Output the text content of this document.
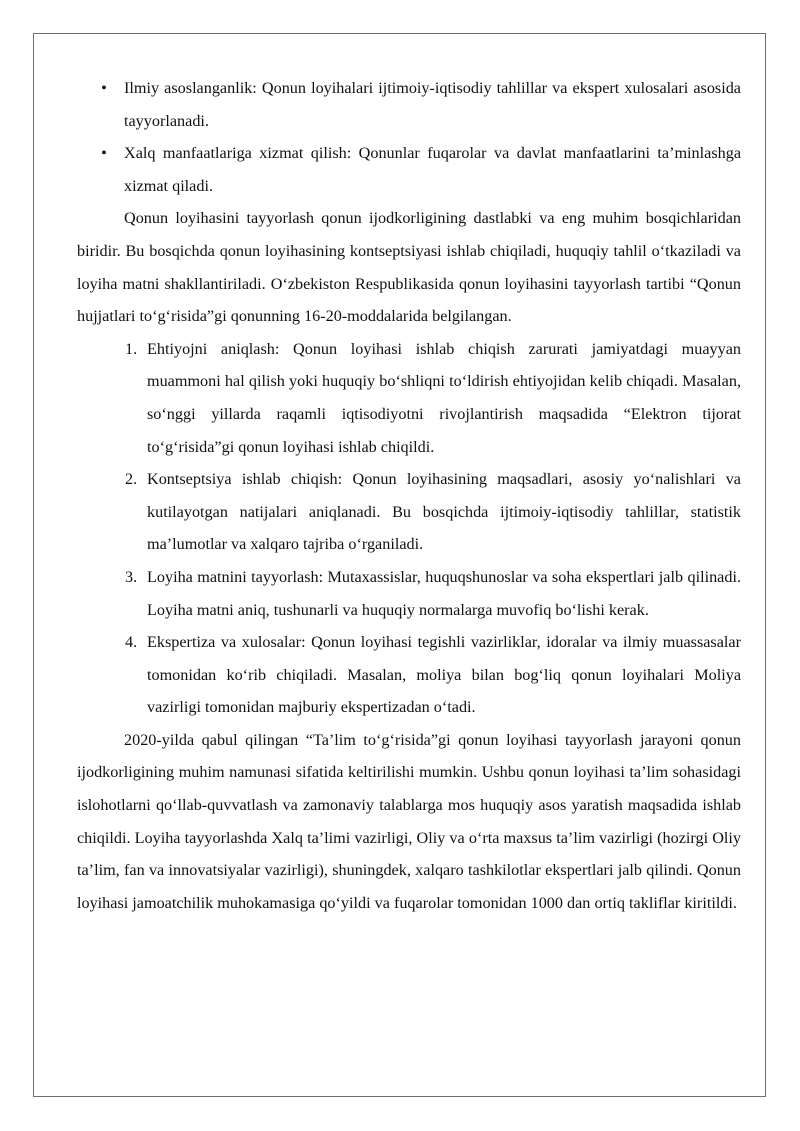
• Ilmiy asoslanganlik: Qonun loyihalari ijtimoiy-iqtisodiy tahlillar va ekspert xulosalari asosida tayyorlanadi.
• Xalq manfaatlariga xizmat qilish: Qonunlar fuqarolar va davlat manfaatlarini ta’minlashga xizmat qiladi.

Qonun loyihasini tayyorlash qonun ijodkorligining dastlabki va eng muhim bosqichlaridan biridir. Bu bosqichda qonun loyihasining kontseptsiyasi ishlab chiqiladi, huquqiy tahlil o‘tkaziladi va loyiha matni shakllantiriladi. O‘zbekiston Respublikasida qonun loyihasini tayyorlash tartibi “Qonun hujjatlari to‘g‘risida”gi qonunning 16-20-moddalarida belgilangan.

1. Ehtiyojni aniqlash: Qonun loyihasi ishlab chiqish zarurati jamiyatdagi muayyan muammoni hal qilish yoki huquqiy bo‘shliqni to‘ldirish ehtiyojidan kelib chiqadi. Masalan, so‘nggi yillarda raqamli iqtisodiyotni rivojlantirish maqsadida “Elektron tijorat to‘g‘risida”gi qonun loyihasi ishlab chiqildi.
2. Kontseptsiya ishlab chiqish: Qonun loyihasining maqsadlari, asosiy yo‘nalishlari va kutilayotgan natijalari aniqlanadi. Bu bosqichda ijtimoiy-iqtisodiy tahlillar, statistik ma’lumotlar va xalqaro tajriba o‘rganiladi.
3. Loyiha matnini tayyorlash: Mutaxassislar, huquqshunoslar va soha ekspertlari jalb qilinadi. Loyiha matni aniq, tushunarli va huquqiy normalarga muvofiq bo‘lishi kerak.
4. Ekspertiza va xulosalar: Qonun loyihasi tegishli vazirliklar, idoralar va ilmiy muassasalar tomonidan ko‘rib chiqiladi. Masalan, moliya bilan bog‘liq qonun loyihalari Moliya vazirligi tomonidan majburiy ekspertizadan o‘tadi.

2020-yilda qabul qilingan “Ta’lim to‘g‘risida”gi qonun loyihasi tayyorlash jarayoni qonun ijodkorligining muhim namunasi sifatida keltirilishi mumkin. Ushbu qonun loyihasi ta’lim sohasidagi islohotlarni qo‘llab-quvvatlash va zamonaviy talablarga mos huquqiy asos yaratish maqsadida ishlab chiqildi. Loyiha tayyorlashda Xalq ta’limi vazirligi, Oliy va o‘rta maxsus ta’lim vazirligi (hozirgi Oliy ta’lim, fan va innovatsiyalar vazirligi), shuningdek, xalqaro tashkilotlar ekspertlari jalb qilindi. Qonun loyihasi jamoatchilik muhokamasiga qo‘yildi va fuqarolar tomonidan 1000 dan ortiq takliflar kiritildi.
